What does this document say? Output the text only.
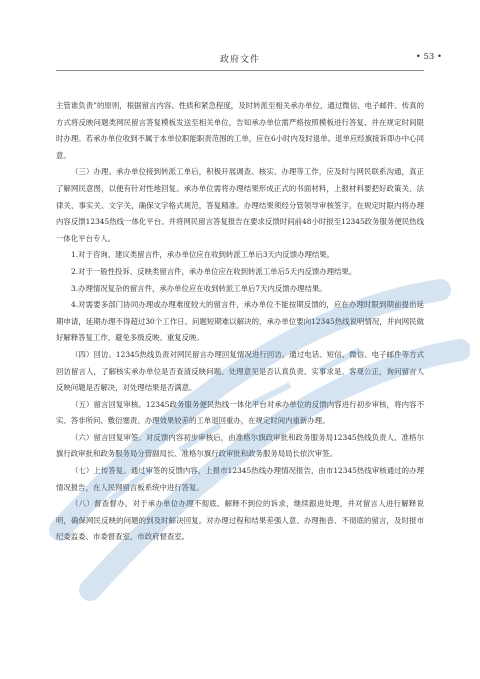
政府文件	• 53 •

主管谁负责”的原则，根据留言内容、性质和紧急程度，及时转派至相关承办单位，通过微信、电子邮件、传真的方式将反映问题类网民留言答复模板发送至相关单位，告知承办单位需严格按照模板进行答复、并在规定时间限时办理。若承办单位收到不属于本单位职能职责范围的工单，应在6小时内及时退单。退单应经旗接诉即办中心同意。

（三）办理。承办单位接到转派工单后，积极开展调查、核实、办理等工作，应及时与网民联系沟通，真正了解网民意图，以便有针对性地回复。承办单位需将办理结果形成正式的书面材料，上报材料要把好政策关、法律关、事实关、文字关，确保文字格式规范，答复精准。办理结果须经分管领导审核签字，在规定时限内将办理内容反馈12345热线一体化平台。并将网民留言答复报告在要求反馈时间前48小时报至12345政务服务便民热线一体化平台专人。

1.对于咨询、建议类留言件，承办单位应在收到转派工单后3天内反馈办理结果。

2.对于一般性投诉、反映类留言件，承办单位应在收到转派工单后5天内反馈办理结果。

3.办理情况复杂的留言件，承办单位应在收到转派工单后7天内反馈办理结果。

4.对需要多部门协同办理或办理难度较大的留言件，承办单位不能按期反馈的，应在办理时限到期前提出延期申请，延期办理不得超过30个工作日。问题短期难以解决的，承办单位要向12345热线说明情况，并向网民做好解释答复工作，避免多级反映、重复反映。

（四）回访。12345热线负责对网民留言办理回复情况进行回访。通过电话、短信、微信、电子邮件等方式回访留言人，了解核实承办单位是否查清反映问题、处理意见是否认真负责、实事求是、客观公正，询问留言人反映问题是否解决，对处理结果是否满意。

（五）留言回复审核。12345政务服务便民热线一体化平台对承办单位的反馈内容进行初步审核，将内容不实、答非所问、敷衍塞责、办理效果较差的工单退回重办，在规定时间内重新办理。

（六）留言回复审签。对反馈内容初步审核后，由准格尔旗政审批和政务服务局12345热线负责人、准格尔旗行政审批和政务服务局分管副局长、准格尔旗行政审批和政务服务局局长依次审签。

（七）上传答复。通过审签的反馈内容，上报市12345热线办理情况报告，由市12345热线审核通过的办理情况报告，在人民网留言板系统中进行答复。

（八）督查督办。对于承办单位办理不彻底、解释不到位的诉求，继续跟进处理，并对留言人进行解释说明，确保网民反映的问题的到及时解决回复。对办理过程和结果差强人意、办理拖沓、不彻底的留言，及时报市纪委监委、市委督查室、市政府督查室。
